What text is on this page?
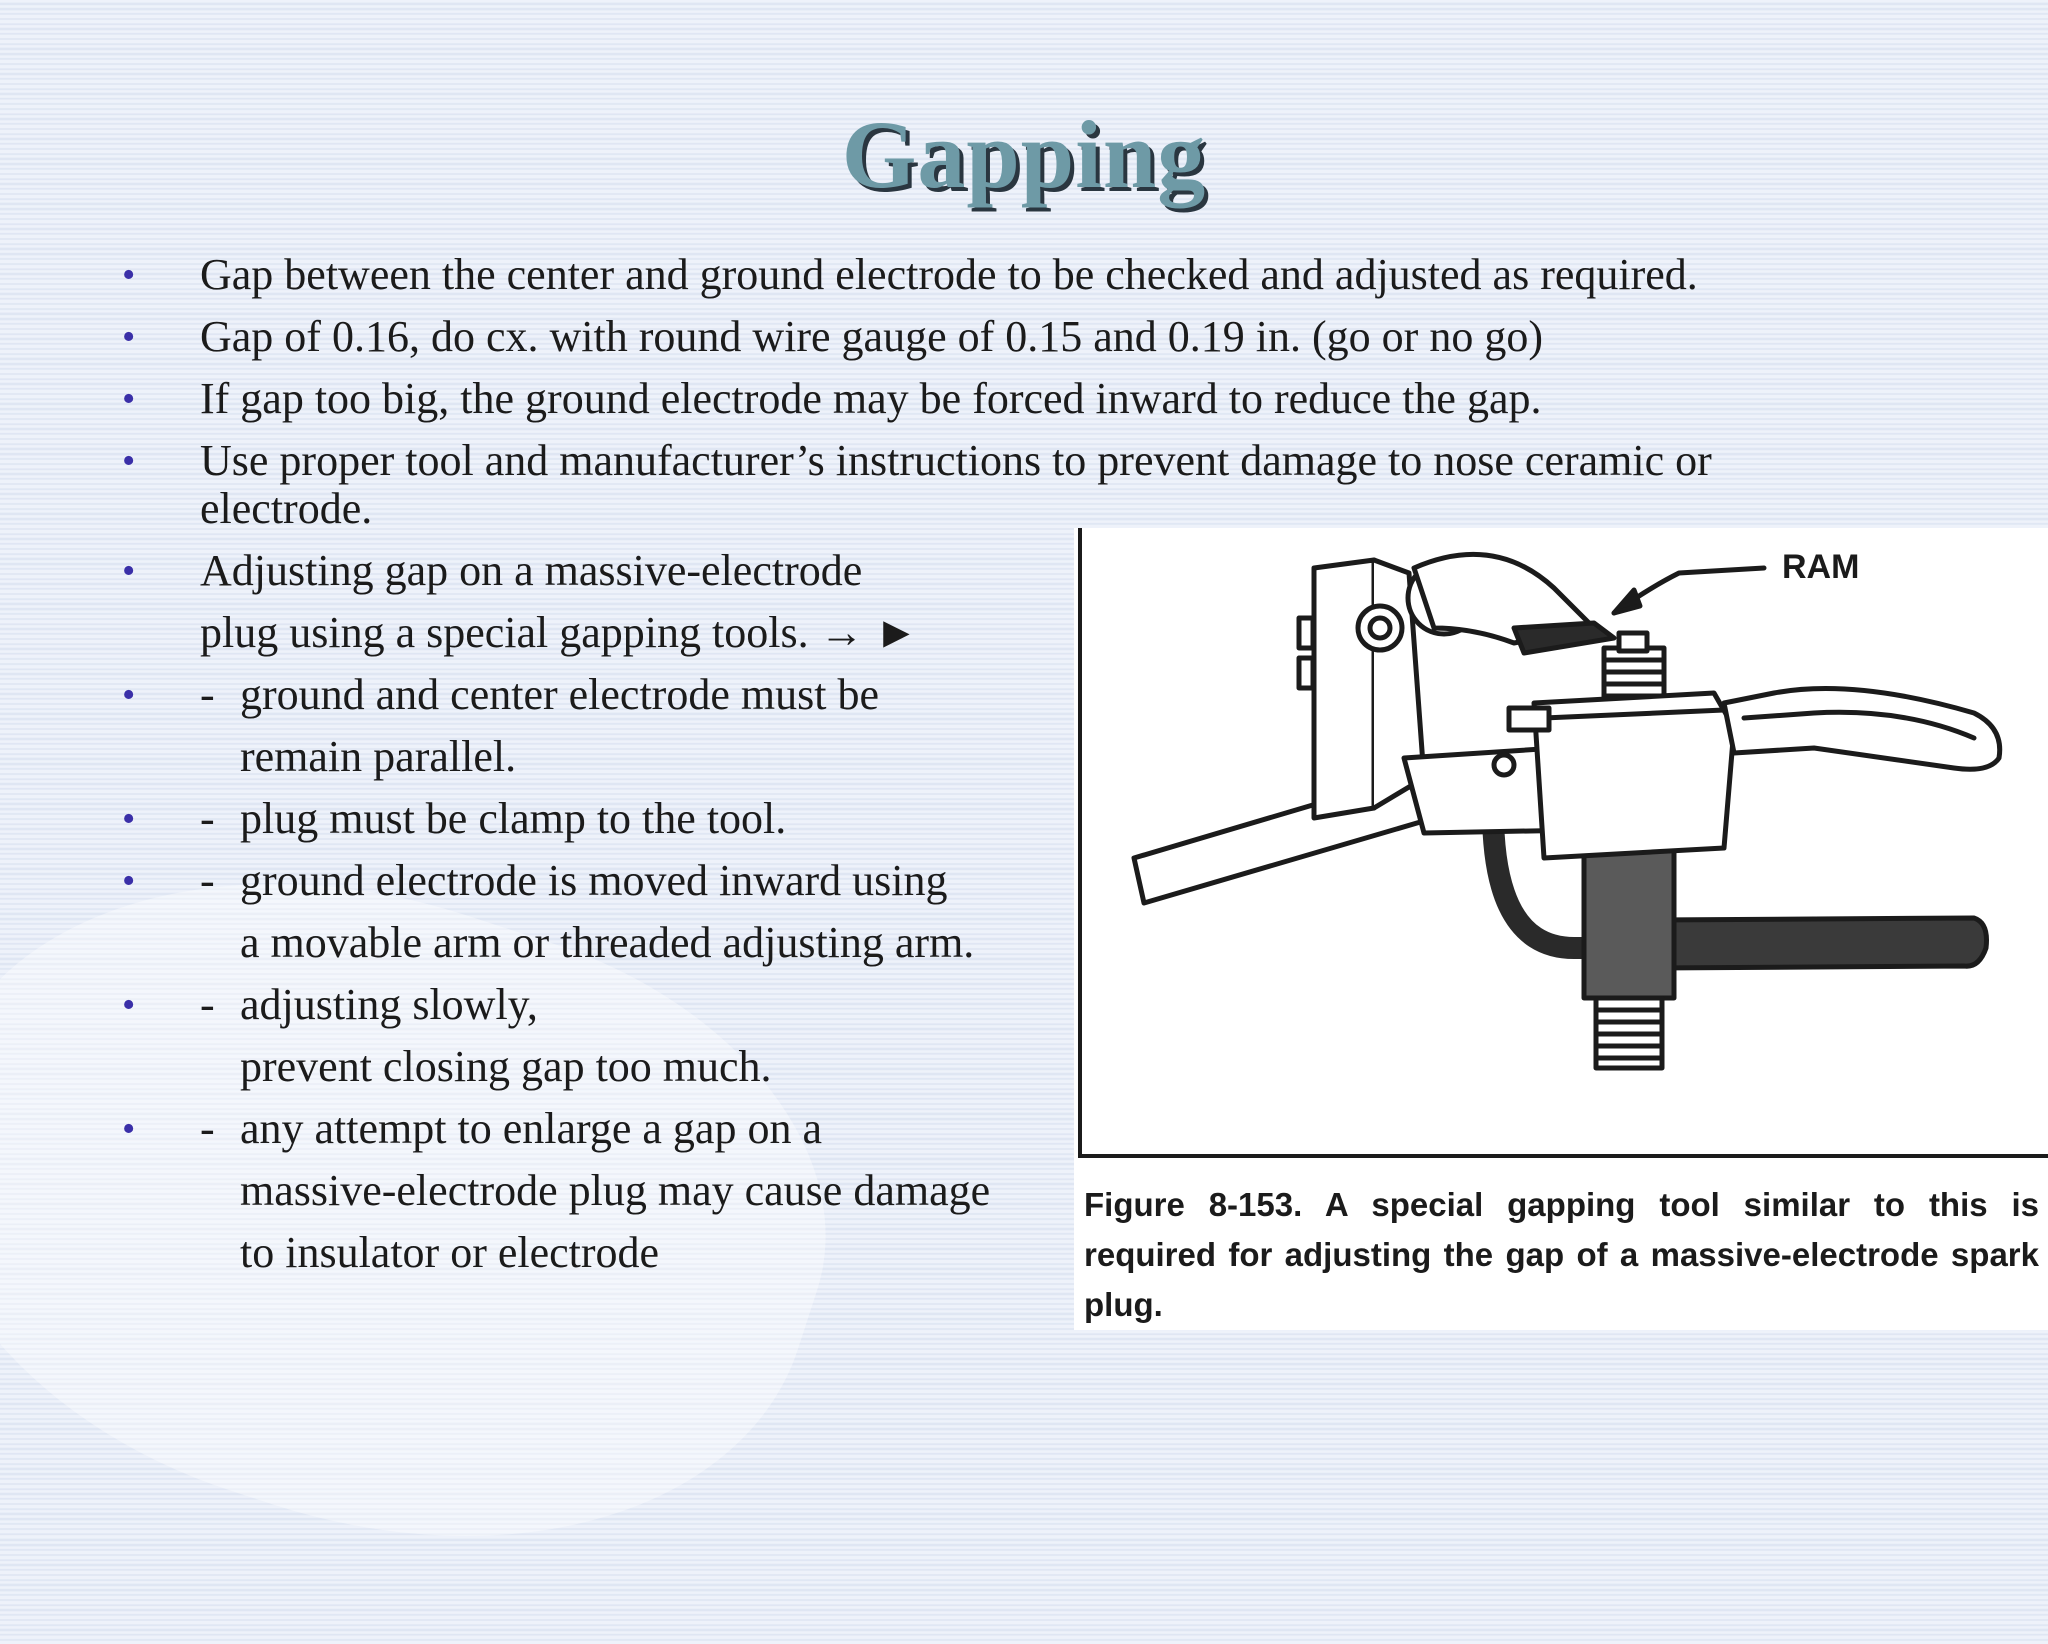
Gapping
• Gap between the center and ground electrode to be checked and adjusted as required.
• Gap of 0.16, do cx. with round wire gauge of 0.15 and 0.19 in. (go or no go)
• If gap too big, the ground electrode may be forced inward to reduce the gap.
• Use proper tool and manufacturer’s instructions to prevent damage to nose ceramic or
electrode.
• Adjusting gap on a massive-electrode
plug using a special gapping tools. → ►
• - ground and center electrode must be
remain parallel.
• - plug must be clamp to the tool.
• - ground electrode is moved inward using
a movable arm or threaded adjusting arm.
• - adjusting slowly,
prevent closing gap too much.
• - any attempt to enlarge a gap on a
massive-electrode plug may cause damage
to insulator or electrode
RAM

Figure 8-153. A special gapping tool similar to this is required for adjusting the gap of a massive-electrode spark plug.
